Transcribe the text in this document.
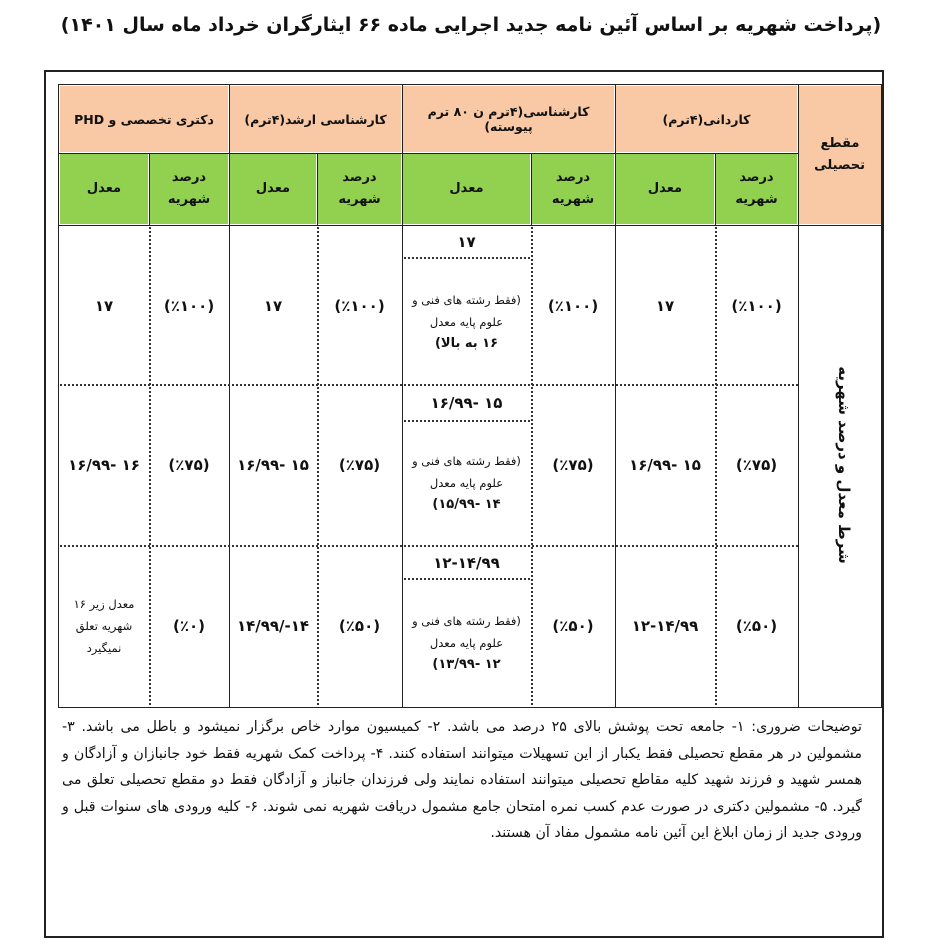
(پرداخت شهریه بر اساس آئین نامه جدید اجرایی ماده ۶۶ ایثارگران خرداد ماه سال ۱۴۰۱)
مقطع تحصیلی
کاردانی(۴ترم)
کارشناسی(۴ترم ن ۸۰ ترم پیوسته)
کارشناسی ارشد(۴ترم)
دکتری تخصصی و PHD
درصد شهریه
معدل
درصد شهریه
معدل
درصد شهریه
معدل
درصد شهریه
معدل
شرط معدل و درصد شهریه
(٪۱۰۰)
۱۷
(٪۱۰۰)
۱۷
(فقط رشته های فنی و علوم پایه معدل
۱۶ به بالا)
(٪۱۰۰)
۱۷
(٪۱۰۰)
۱۷
(٪۷۵)
۱۵ -۱۶/۹۹
(٪۷۵)
۱۵ -۱۶/۹۹
(فقط رشته های فنی و علوم پایه معدل
۱۴ -۱۵/۹۹)
(٪۷۵)
۱۵ -۱۶/۹۹
(٪۷۵)
۱۶ -۱۶/۹۹
(٪۵۰)
۱۲-۱۴/۹۹
(٪۵۰)
۱۲-۱۴/۹۹
(فقط رشته های فنی و علوم پایه معدل
۱۲ -۱۳/۹۹)
(٪۵۰)
۱۴-/۱۴/۹۹
(٪۰)
معدل زیر ۱۶ شهریه تعلق نمیگیرد
توضیحات ضروری: ۱- جامعه تحت پوشش بالای ۲۵ درصد می باشد. ۲- کمیسیون موارد خاص برگزار نمیشود و باطل می باشد. ۳- مشمولین در هر مقطع تحصیلی فقط یکبار از این تسهیلات میتوانند استفاده کنند. ۴- پرداخت کمک شهریه فقط خود جانبازان و آزادگان و همسر شهید و فرزند شهید کلیه مقاطع تحصیلی میتوانند استفاده نمایند ولی فرزندان جانباز و آزادگان فقط دو مقطع تحصیلی تعلق می گیرد. ۵- مشمولین دکتری در صورت عدم کسب نمره امتحان جامع مشمول دریافت شهریه نمی شوند. ۶- کلیه ورودی های سنوات قبل و ورودی جدید از زمان ابلاغ این آئین نامه مشمول مفاد آن هستند.
